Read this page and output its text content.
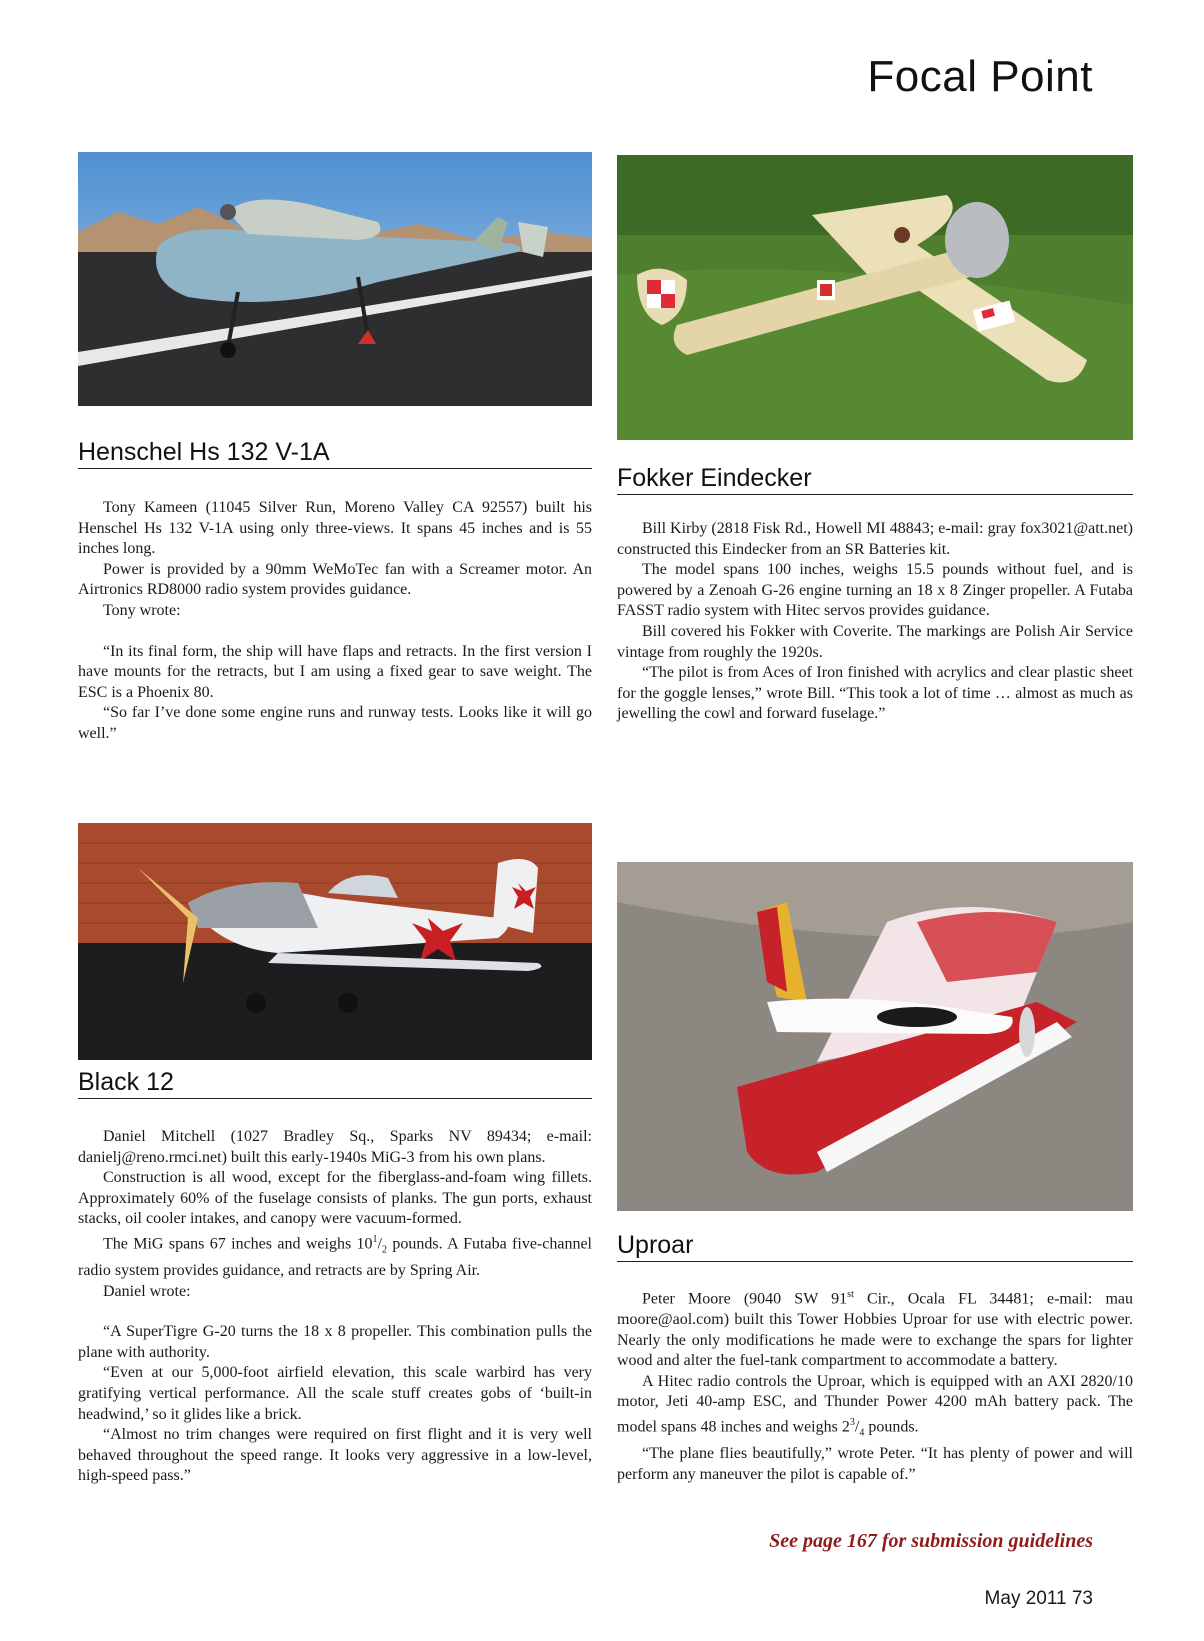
Focal Point
Henschel Hs 132 V-1A

Tony Kameen (11045 Silver Run, Moreno Valley CA 92557) built his Henschel Hs 132 V-1A using only three-views. It spans 45 inches and is 55 inches long.

Power is provided by a 90mm WeMoTec fan with a Screamer motor. An Airtronics RD8000 radio system provides guidance.

Tony wrote:

“In its final form, the ship will have flaps and retracts. In the first version I have mounts for the retracts, but I am using a fixed gear to save weight. The ESC is a Phoenix 80.

“So far I’ve done some engine runs and runway tests. Looks like it will go well.”

Fokker Eindecker

Bill Kirby (2818 Fisk Rd., Howell MI 48843; e-mail: gray fox3021@att.net) constructed this Eindecker from an SR Batteries kit.

The model spans 100 inches, weighs 15.5 pounds without fuel, and is powered by a Zenoah G-26 engine turning an 18 x 8 Zinger propeller. A Futaba FASST radio system with Hitec servos provides guidance.

Bill covered his Fokker with Coverite. The markings are Polish Air Service vintage from roughly the 1920s.

“The pilot is from Aces of Iron finished with acrylics and clear plastic sheet for the goggle lenses,” wrote Bill. “This took a lot of time … almost as much as jewelling the cowl and forward fuselage.”

Black 12

Daniel Mitchell (1027 Bradley Sq., Sparks NV 89434; e-mail: danielj@reno.rmci.net) built this early-1940s MiG-3 from his own plans.

Construction is all wood, except for the fiberglass-and-foam wing fillets. Approximately 60% of the fuselage consists of planks. The gun ports, exhaust stacks, oil cooler intakes, and canopy were vacuum-formed.

The MiG spans 67 inches and weighs $10^1/_2$ pounds. A Futaba five-channel radio system provides guidance, and retracts are by Spring Air.

Daniel wrote:

“A SuperTigre G-20 turns the 18 x 8 propeller. This combination pulls the plane with authority.

“Even at our 5,000-foot airfield elevation, this scale warbird has very gratifying vertical performance. All the scale stuff creates gobs of ‘built-in headwind,’ so it glides like a brick.

“Almost no trim changes were required on first flight and it is very well behaved throughout the speed range. It looks very aggressive in a low-level, high-speed pass.”

Uproar

Peter Moore (9040 SW 91st Cir., Ocala FL 34481; e-mail: mau moore@aol.com) built this Tower Hobbies Uproar for use with electric power. Nearly the only modifications he made were to exchange the spars for lighter wood and alter the fuel-tank compartment to accommodate a battery.

A Hitec radio controls the Uproar, which is equipped with an AXI 2820/10 motor, Jeti 40-amp ESC, and Thunder Power 4200 mAh battery pack. The model spans 48 inches and weighs $2^3/_4$ pounds.

“The plane flies beautifully,” wrote Peter. “It has plenty of power and will perform any maneuver the pilot is capable of.”

See page 167 for submission guidelines
May 2011 73
